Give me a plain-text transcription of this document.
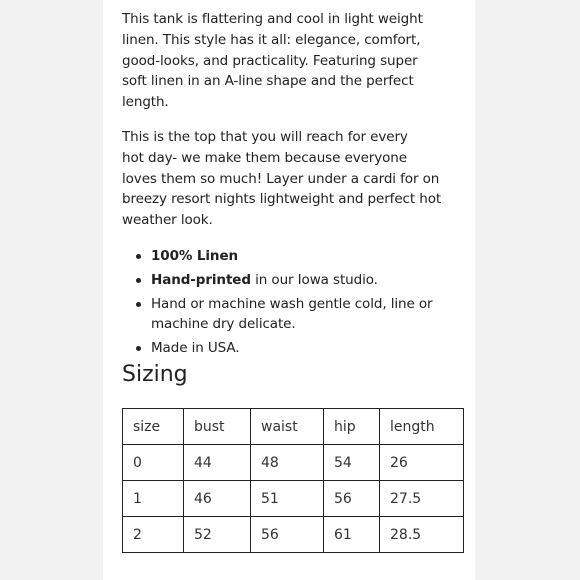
This tank is flattering and cool in light weight
linen. This style has it all: elegance, comfort,
good-looks, and practicality. Featuring super
soft linen in an A-line shape and the perfect
length.

This is the top that you will reach for every
hot day- we make them because everyone
loves them so much! Layer under a cardi for on
breezy resort nights lightweight and perfect hot
weather look.

100% Linen
Hand-printed in our Iowa studio.
Hand or machine wash gentle cold, line or
machine dry delicate.
Made in USA.
Sizing
size	bust	waist	hip	length
0	44	48	54	26
1	46	51	56	27.5
2	52	56	61	28.5
